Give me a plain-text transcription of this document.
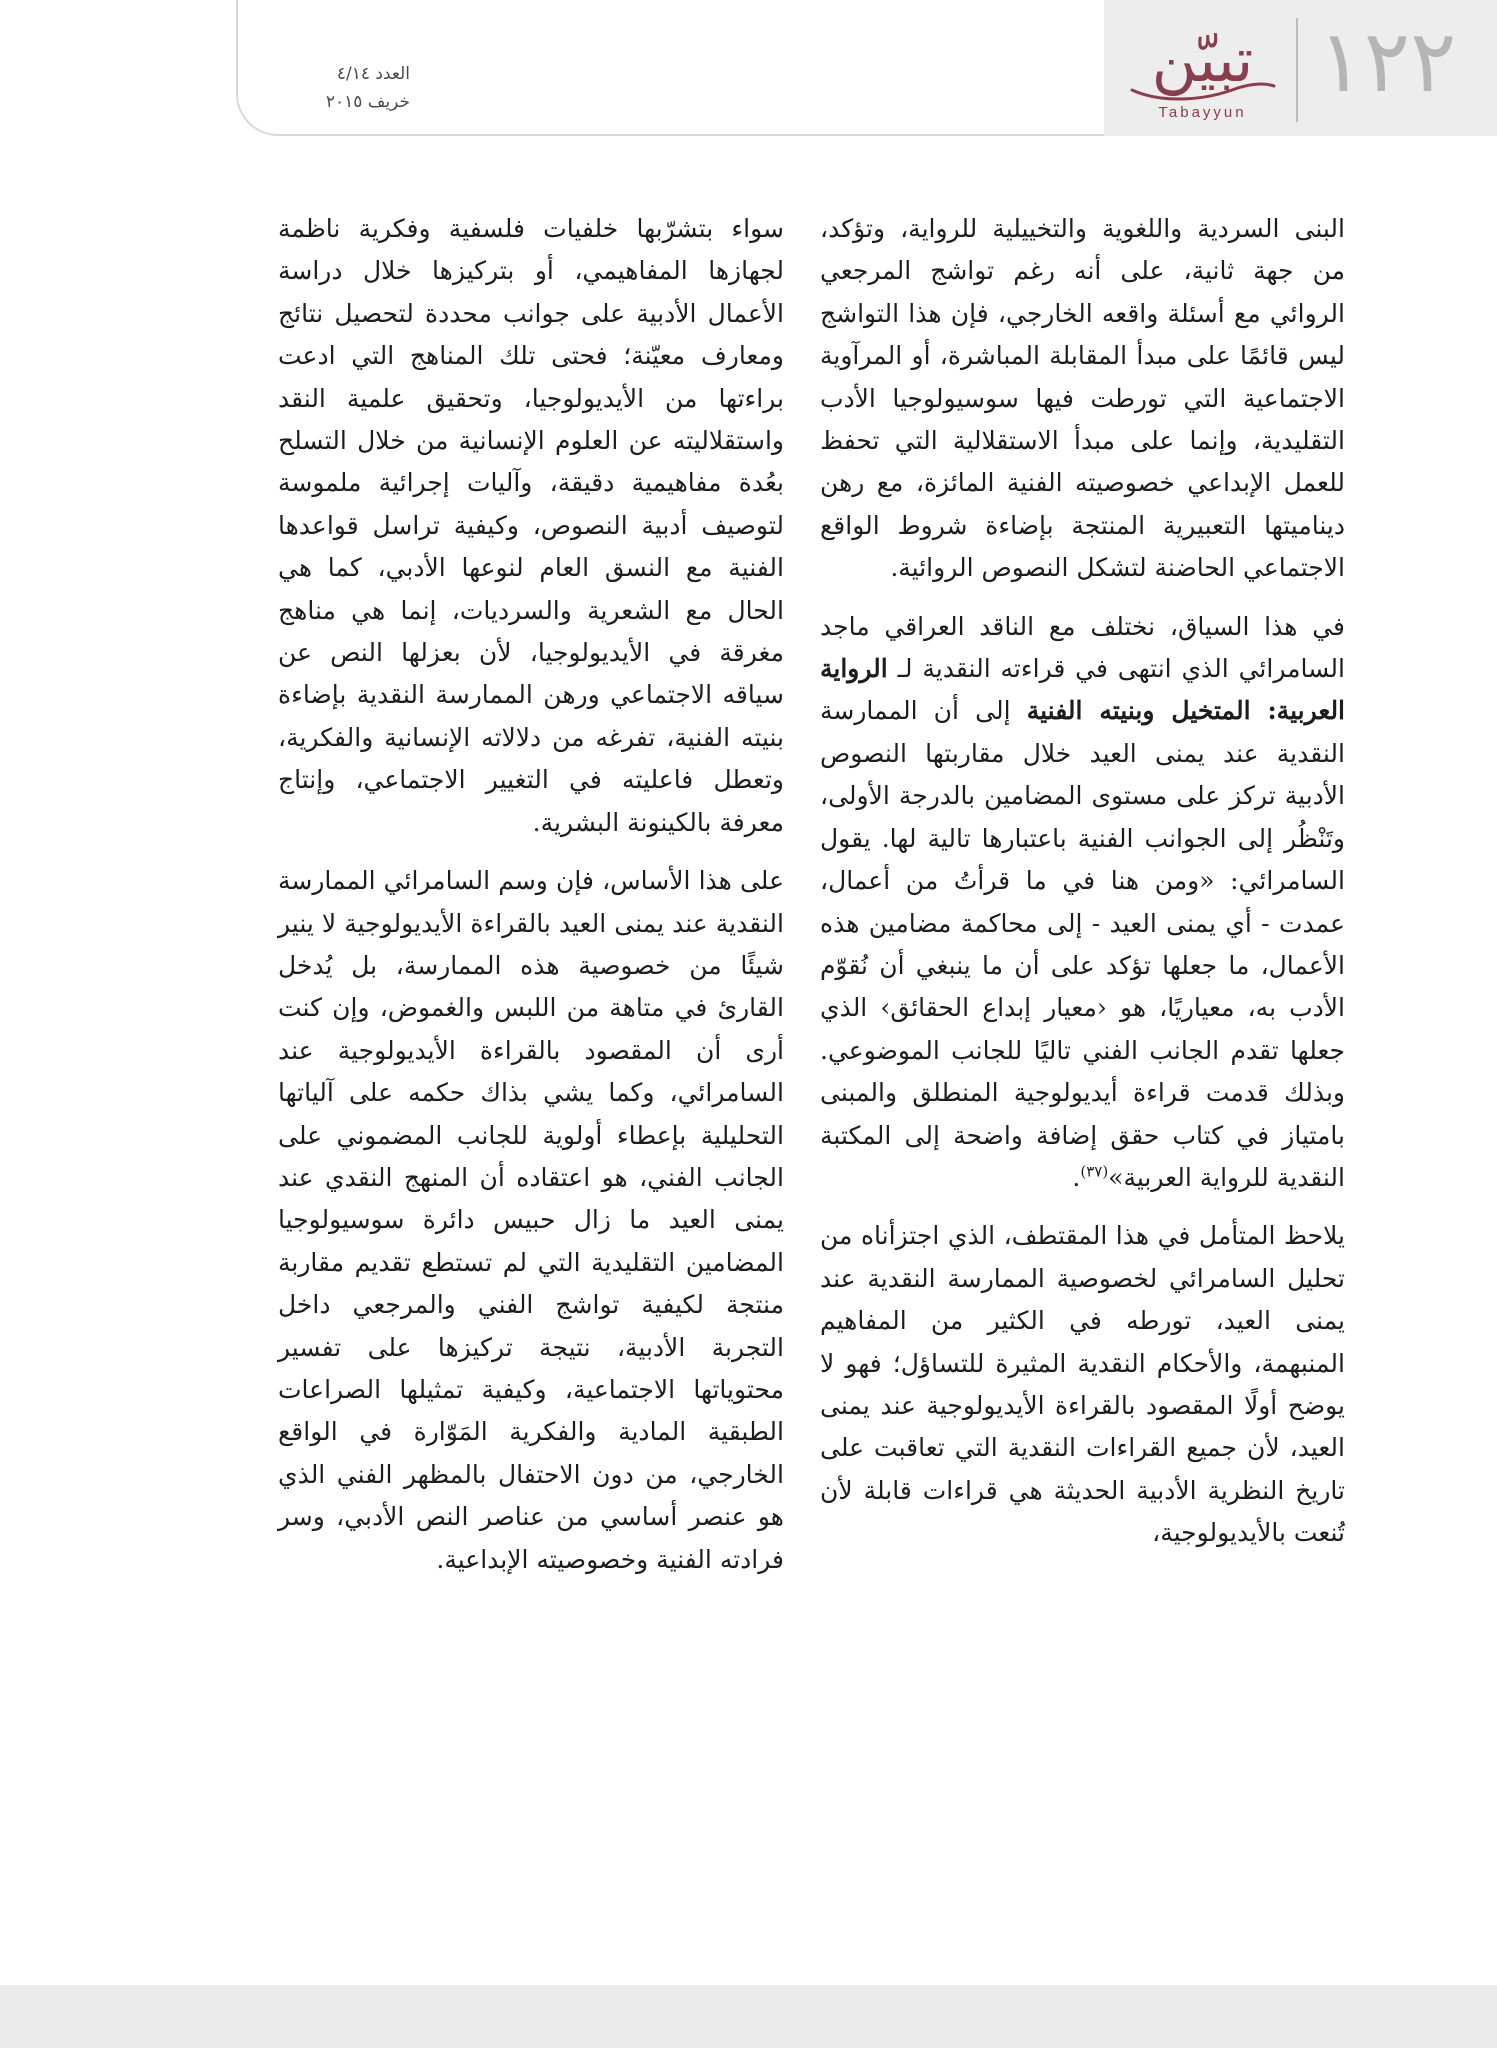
١٢٢
تبيّن
Tabayyun
العدد ٤/١٤
خريف ٢٠١٥

البنى السردية واللغوية والتخييلية للرواية، وتؤكد، من جهة ثانية، على أنه رغم تواشج المرجعي الروائي مع أسئلة واقعه الخارجي، فإن هذا التواشج ليس قائمًا على مبدأ المقابلة المباشرة، أو المرآوية الاجتماعية التي تورطت فيها سوسيولوجيا الأدب التقليدية، وإنما على مبدأ الاستقلالية التي تحفظ للعمل الإبداعي خصوصيته الفنية المائزة، مع رهن ديناميتها التعبيرية المنتجة بإضاءة شروط الواقع الاجتماعي الحاضنة لتشكل النصوص الروائية.

في هذا السياق، نختلف مع الناقد العراقي ماجد السامرائي الذي انتهى في قراءته النقدية لـ الرواية العربية: المتخيل وبنيته الفنية إلى أن الممارسة النقدية عند يمنى العيد خلال مقاربتها النصوص الأدبية تركز على مستوى المضامين بالدرجة الأولى، وتَنْظُر إلى الجوانب الفنية باعتبارها تالية لها. يقول السامرائي: «ومن هنا في ما قرأتُ من أعمال، عمدت - أي يمنى العيد - إلى محاكمة مضامين هذه الأعمال، ما جعلها تؤكد على أن ما ينبغي أن نُقوّم الأدب به، معياريًا، هو ‹معيار إبداع الحقائق› الذي جعلها تقدم الجانب الفني تاليًا للجانب الموضوعي. وبذلك قدمت قراءة أيديولوجية المنطلق والمبنى بامتياز في كتاب حقق إضافة واضحة إلى المكتبة النقدية للرواية العربية»$^{(٣٧)}$.

يلاحظ المتأمل في هذا المقتطف، الذي اجتزأناه من تحليل السامرائي لخصوصية الممارسة النقدية عند يمنى العيد، تورطه في الكثير من المفاهيم المنبهمة، والأحكام النقدية المثيرة للتساؤل؛ فهو لا يوضح أولًا المقصود بالقراءة الأيديولوجية عند يمنى العيد، لأن جميع القراءات النقدية التي تعاقبت على تاريخ النظرية الأدبية الحديثة هي قراءات قابلة لأن تُنعت بالأيديولوجية،

سواء بتشرّبها خلفيات فلسفية وفكرية ناظمة لجهازها المفاهيمي، أو بتركيزها خلال دراسة الأعمال الأدبية على جوانب محددة لتحصيل نتائج ومعارف معيّنة؛ فحتى تلك المناهج التي ادعت براءتها من الأيديولوجيا، وتحقيق علمية النقد واستقلاليته عن العلوم الإنسانية من خلال التسلح بعُدة مفاهيمية دقيقة، وآليات إجرائية ملموسة لتوصيف أدبية النصوص، وكيفية تراسل قواعدها الفنية مع النسق العام لنوعها الأدبي، كما هي الحال مع الشعرية والسرديات، إنما هي مناهج مغرقة في الأيديولوجيا، لأن بعزلها النص عن سياقه الاجتماعي ورهن الممارسة النقدية بإضاءة بنيته الفنية، تفرغه من دلالاته الإنسانية والفكرية، وتعطل فاعليته في التغيير الاجتماعي، وإنتاج معرفة بالكينونة البشرية.

على هذا الأساس، فإن وسم السامرائي الممارسة النقدية عند يمنى العيد بالقراءة الأيديولوجية لا ينير شيئًا من خصوصية هذه الممارسة، بل يُدخل القارئ في متاهة من اللبس والغموض، وإن كنت أرى أن المقصود بالقراءة الأيديولوجية عند السامرائي، وكما يشي بذاك حكمه على آلياتها التحليلية بإعطاء أولوية للجانب المضموني على الجانب الفني، هو اعتقاده أن المنهج النقدي عند يمنى العيد ما زال حبيس دائرة سوسيولوجيا المضامين التقليدية التي لم تستطع تقديم مقاربة منتجة لكيفية تواشج الفني والمرجعي داخل التجربة الأدبية، نتيجة تركيزها على تفسير محتوياتها الاجتماعية، وكيفية تمثيلها الصراعات الطبقية المادية والفكرية المَوّارة في الواقع الخارجي، من دون الاحتفال بالمظهر الفني الذي هو عنصر أساسي من عناصر النص الأدبي، وسر فرادته الفنية وخصوصيته الإبداعية.
